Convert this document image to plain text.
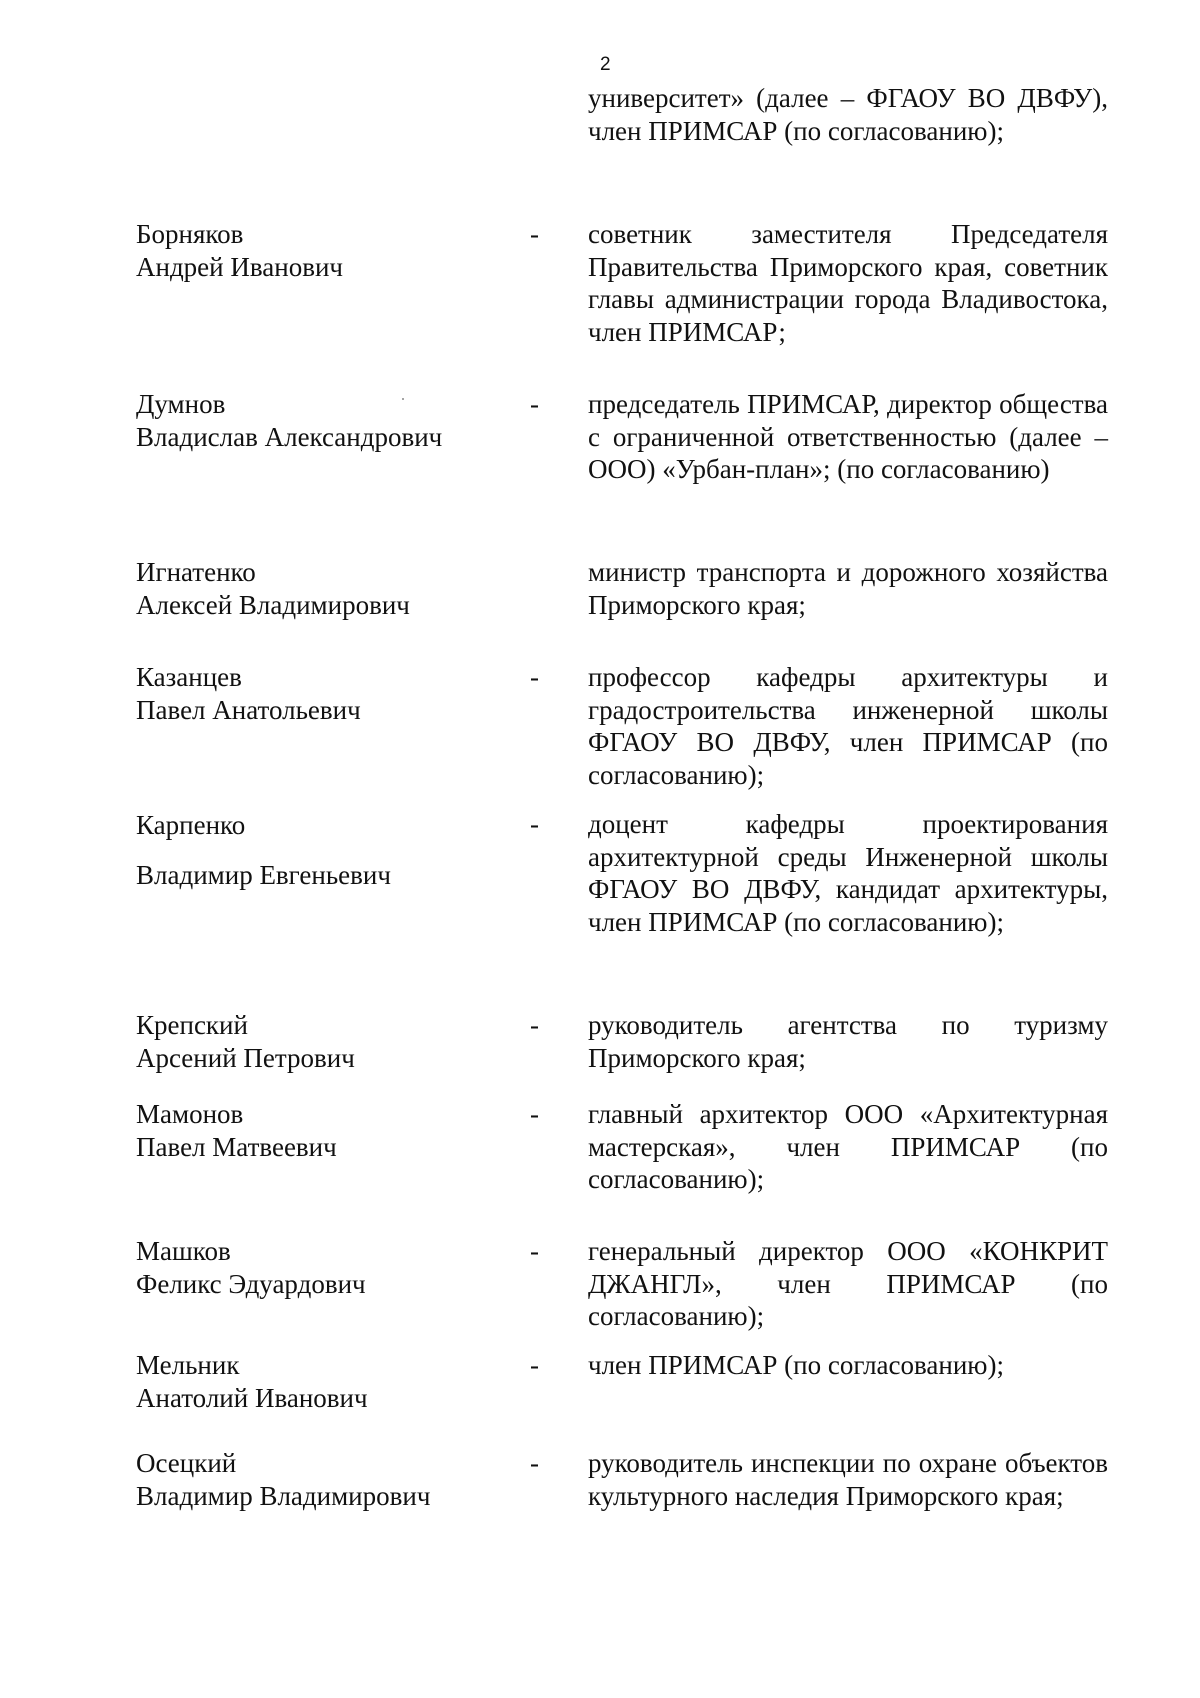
2
университет» (далее – ФГАОУ ВО ДВФУ), член ПРИМСАР (по согласованию);
Борняков
Андрей Иванович
- советник заместителя Председателя Правительства Приморского края, советник главы администрации города Владивостока, член ПРИМСАР;
Думнов
Владислав Александрович
- председатель ПРИМСАР, директор общества с ограниченной ответственностью (далее – ООО) «Урбан-план»; (по согласованию)
Игнатенко
Алексей Владимирович
министр транспорта и дорожного хозяйства Приморского края;
Казанцев
Павел Анатольевич
- профессор кафедры архитектуры и градостроительства инженерной школы ФГАОУ ВО ДВФУ, член ПРИМСАР (по согласованию);
Карпенко
Владимир Евгеньевич
- доцент кафедры проектирования архитектурной среды Инженерной школы ФГАОУ ВО ДВФУ, кандидат архитектуры, член ПРИМСАР (по согласованию);
Крепский
Арсений Петрович
- руководитель агентства по туризму Приморского края;
Мамонов
Павел Матвеевич
- главный архитектор ООО «Архитектурная мастерская», член ПРИМСАР (по согласованию);
Машков
Феликс Эдуардович
- генеральный директор ООО «КОНКРИТ ДЖАНГЛ», член ПРИМСАР (по согласованию);
Мельник
Анатолий Иванович
- член ПРИМСАР (по согласованию);
Осецкий
Владимир Владимирович
- руководитель инспекции по охране объектов культурного наследия Приморского края;
